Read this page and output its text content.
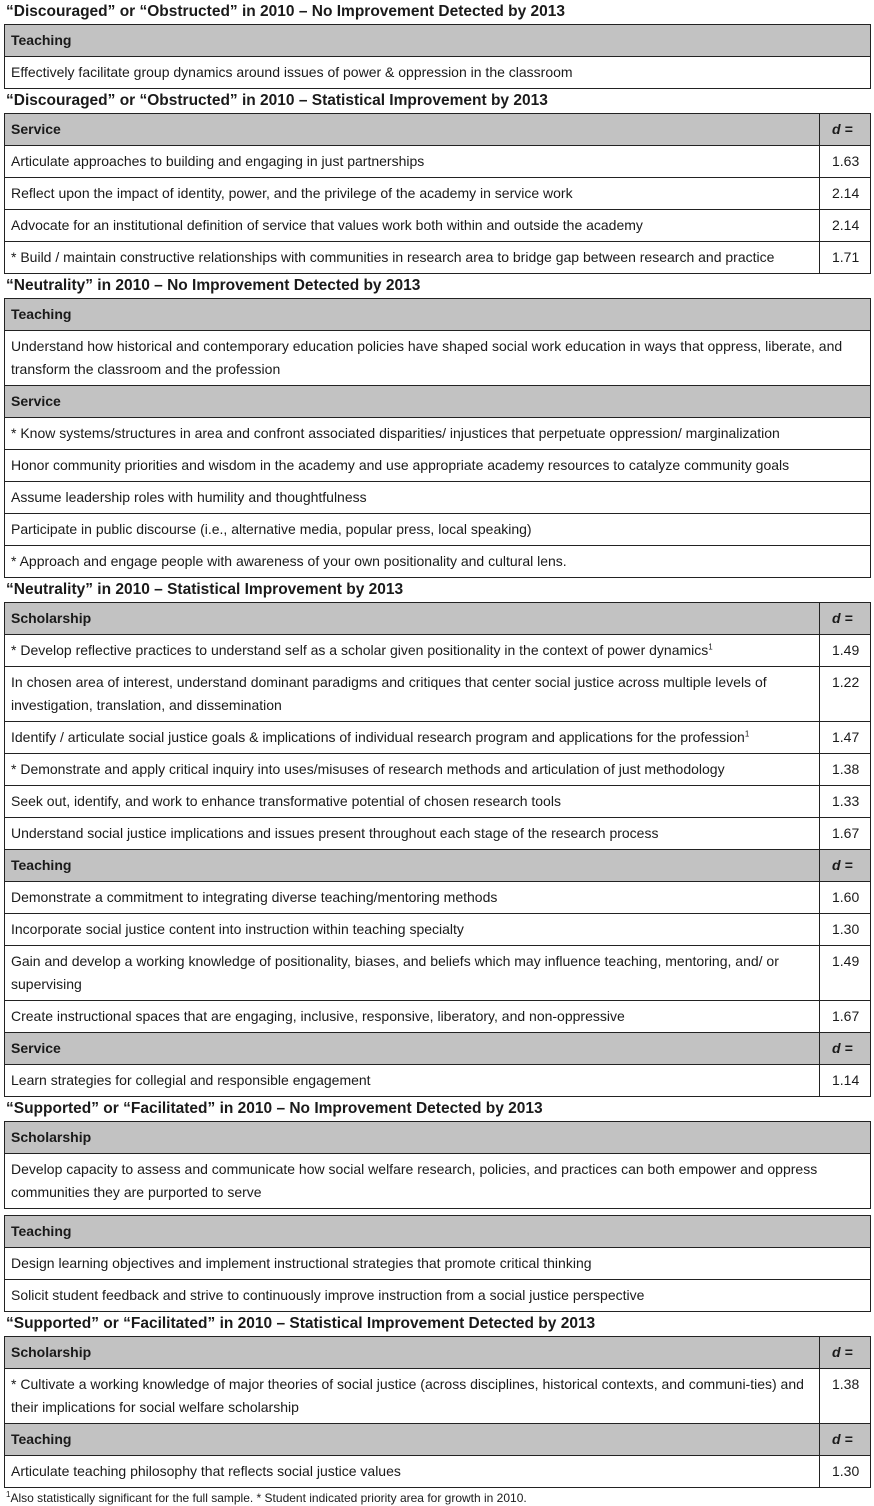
“Discouraged” or “Obstructed” in 2010 – No Improvement Detected by 2013
Teaching
Effectively facilitate group dynamics around issues of power & oppression in the classroom
“Discouraged” or “Obstructed” in 2010 – Statistical Improvement by 2013
Service	d =
Articulate approaches to building and engaging in just partnerships	1.63
Reflect upon the impact of identity, power, and the privilege of the academy in service work	2.14
Advocate for an institutional definition of service that values work both within and outside the academy	2.14
* Build / maintain constructive relationships with communities in research area to bridge gap between research and practice	1.71
“Neutrality” in 2010 – No Improvement Detected by 2013
Teaching
Understand how historical and contemporary education policies have shaped social work education in ways that oppress, liberate, and transform the classroom and the profession
Service
* Know systems/structures in area and confront associated disparities/ injustices that perpetuate oppression/ marginalization
Honor community priorities and wisdom in the academy and use appropriate academy resources to catalyze community goals
Assume leadership roles with humility and thoughtfulness
Participate in public discourse (i.e., alternative media, popular press, local speaking)
* Approach and engage people with awareness of your own positionality and cultural lens.
“Neutrality” in 2010 – Statistical Improvement by 2013
Scholarship	d =
* Develop reflective practices to understand self as a scholar given positionality in the context of power dynamics$^1$	1.49
In chosen area of interest, understand dominant paradigms and critiques that center social justice across multiple levels of investigation, translation, and dissemination	1.22
Identify / articulate social justice goals & implications of individual research program and applications for the profession$^1$	1.47
* Demonstrate and apply critical inquiry into uses/misuses of research methods and articulation of just methodology	1.38
Seek out, identify, and work to enhance transformative potential of chosen research tools	1.33
Understand social justice implications and issues present throughout each stage of the research process	1.67
Teaching	d =
Demonstrate a commitment to integrating diverse teaching/mentoring methods	1.60
Incorporate social justice content into instruction within teaching specialty	1.30
Gain and develop a working knowledge of positionality, biases, and beliefs which may influence teaching, mentoring, and/ or supervising	1.49
Create instructional spaces that are engaging, inclusive, responsive, liberatory, and non-oppressive	1.67
Service	d =
Learn strategies for collegial and responsible engagement	1.14
“Supported” or “Facilitated” in 2010 – No Improvement Detected by 2013
Scholarship
Develop capacity to assess and communicate how social welfare research, policies, and practices can both empower and oppress communities they are purported to serve
Teaching
Design learning objectives and implement instructional strategies that promote critical thinking
Solicit student feedback and strive to continuously improve instruction from a social justice perspective
“Supported” or “Facilitated” in 2010 – Statistical Improvement Detected by 2013
Scholarship	d =
* Cultivate a working knowledge of major theories of social justice (across disciplines, historical contexts, and communi-ties) and their implications for social welfare scholarship	1.38
Teaching	d =
Articulate teaching philosophy that reflects social justice values	1.30
$^1$Also statistically significant for the full sample. * Student indicated priority area for growth in 2010.
